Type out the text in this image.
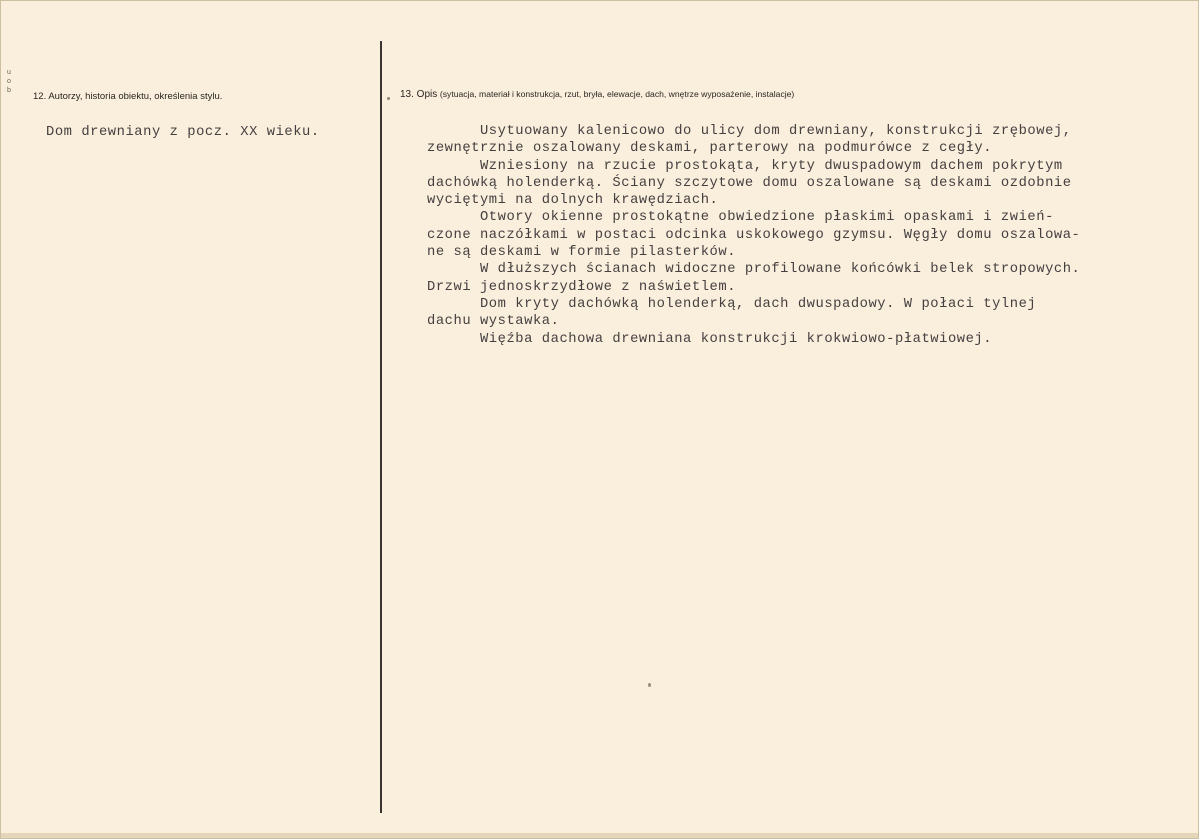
u o b
12. Autorzy, historia obiektu, określenia stylu.	13. Opis (sytuacja, materiał i konstrukcja, rzut, bryła, elewacje, dach, wnętrze wyposażenie, instalacje)
Dom drewniany z pocz. XX wieku.	Usytuowany kalenicowo do ulicy dom drewniany, konstrukcji zrębowej,
zewnętrznie oszalowany deskami, parterowy na podmurówce z cegły.
Wzniesiony na rzucie prostokąta, kryty dwuspadowym dachem pokrytym
dachówką holenderką. Ściany szczytowe domu oszalowane są deskami ozdobnie
wyciętymi na dolnych krawędziach.
Otwory okienne prostokątne obwiedzione płaskimi opaskami i zwień-
czone naczółkami w postaci odcinka uskokowego gzymsu. Węgły domu oszalowa-
ne są deskami w formie pilasterków.
W dłuższych ścianach widoczne profilowane końcówki belek stropowych.
Drzwi jednoskrzydłowe z naświetlem.
Dom kryty dachówką holenderką, dach dwuspadowy. W połaci tylnej
dachu wystawka.
Więźba dachowa drewniana konstrukcji krokwiowo-płatwiowej.
